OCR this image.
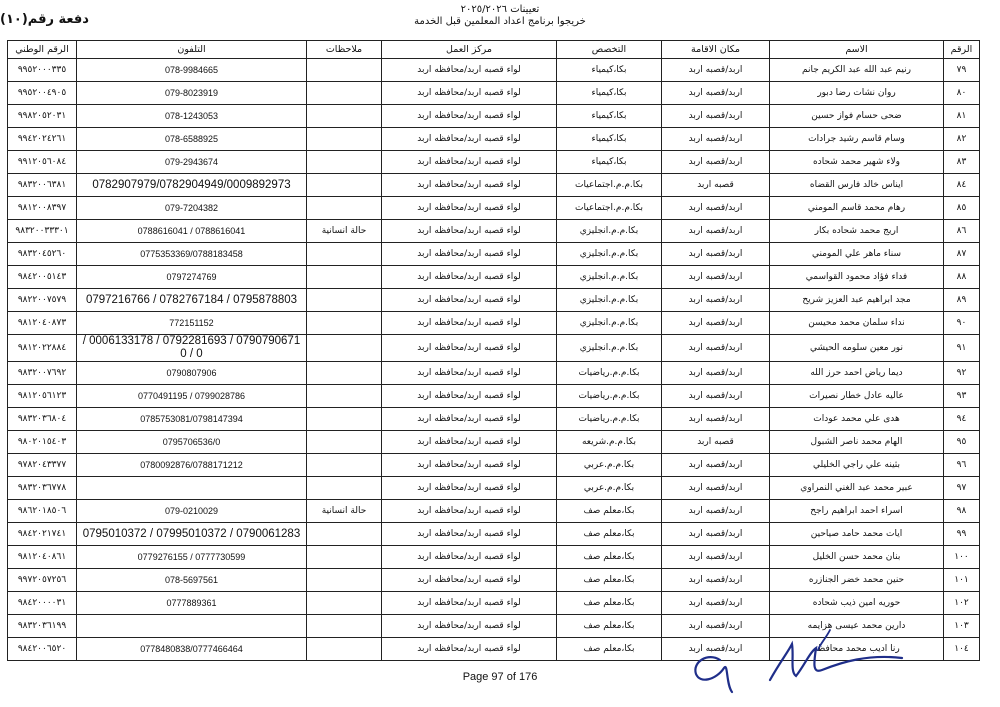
تعيينات ٢٠٢٥/٢٠٢٦
خريجوا برنامج اعداد المعلمين قبل الخدمة
دفعة رقم(١٠)
الرقم	الاسم	مكان الاقامة	التخصص	مركز العمل	ملاحظات	التلفون	الرقم الوطني
٧٩	رنيم عبد الله عبد الكريم جانم	اربد/قصبه اربد	بكا،كيمياء	لواء قصبه اربد/محافظه اربد		078-9984665	٩٩٥٢٠٠٠٣٣٥
٨٠	روان نشات رضا دبور	اربد/قصبه اربد	بكا،كيمياء	لواء قصبه اربد/محافظه اربد		079-8023919	٩٩٥٢٠٠٤٩٠٥
٨١	ضحى حسام فواز حسين	اربد/قصبه اربد	بكا،كيمياء	لواء قصبه اربد/محافظه اربد		078-1243053	٩٩٨٢٠٥٢٠٣١
٨٢	وسام قاسم رشيد جرادات	اربد/قصبه اربد	بكا،كيمياء	لواء قصبه اربد/محافظه اربد		078-6588925	٩٩٤٢٠٢٤٢٦١
٨٣	ولاء شهير محمد شحاده	اربد/قصبه اربد	بكا،كيمياء	لواء قصبه اربد/محافظه اربد		079-2943674	٩٩١٢٠٥٦٠٨٤
٨٤	ايناس خالد فارس القضاه	قصبه اربد	بكا.م.م.اجتماعيات	لواء قصبه اربد/محافظه اربد		0782907979/0782904949/0009892973	٩٨٣٢٠٠٦٣٨١
٨٥	رهام محمد قاسم المومني	اربد/قصبه اربد	بكا.م.م.اجتماعيات	لواء قصبه اربد/محافظه اربد		079-7204382	٩٨١٢٠٠٨٣٩٧
٨٦	اريج محمد شحاده بكار	اربد/قصبه اربد	بكا.م.م.انجليزي	لواء قصبه اربد/محافظه اربد	حالة انسانية	0788616041 / 0788616041	٩٨٣٢٠٠٣٣٣٠١
٨٧	سناء ماهر علي المومني	اربد/قصبه اربد	بكا.م.م.انجليزي	لواء قصبه اربد/محافظه اربد		0775353369/0788183458	٩٨٣٢٠٤٥٢٦٠
٨٨	فداء فؤاد محمود القواسمي	اربد/قصبه اربد	بكا.م.م.انجليزي	لواء قصبه اربد/محافظه اربد		0797274769	٩٨٤٢٠٠٥١٤٣
٨٩	مجد ابراهيم عبد العزيز شريح	اربد/قصبه اربد	بكا.م.م.انجليزي	لواء قصبه اربد/محافظه اربد		0795878803 / 0782767184 / 0797216766	٩٨٢٢٠٠٧٥٧٩
٩٠	نداء سلمان محمد محيسن	اربد/قصبه اربد	بكا.م.م.انجليزي	لواء قصبه اربد/محافظه اربد		772151152	٩٨١٢٠٤٠٨٧٣
٩١	نور معين سلومه الحيشي	اربد/قصبه اربد	بكا.م.م.انجليزي	لواء قصبه اربد/محافظه اربد		0790790671 / 0792281693 / 0006133178 / 0 / 0	٩٨١٢٠٢٢٨٨٤
٩٢	ديما رياض احمد حرز الله	اربد/قصبه اربد	بكا.م.م.رياضيات	لواء قصبه اربد/محافظه اربد		0790807906	٩٨٣٢٠٠٧٦٩٢
٩٣	عاليه عادل خطار نصيرات	اربد/قصبه اربد	بكا.م.م.رياضيات	لواء قصبه اربد/محافظه اربد		0799028786 / 0770491195	٩٨١٢٠٥٦١٢٣
٩٤	هدى علي محمد عودات	اربد/قصبه اربد	بكا.م.م.رياضيات	لواء قصبه اربد/محافظه اربد		0785753081/0798147394	٩٨٣٢٠٣٦٨٠٤
٩٥	الهام محمد ناصر الشبول	قصبه اربد	بكا.م.م.شريعه	لواء قصبه اربد/محافظه اربد		0795706536/0	٩٨٠٢٠١٥٤٠٣
٩٦	بثينه علي راجي الخليلي	اربد/قصبه اربد	بكا.م.م.عربي	لواء قصبه اربد/محافظه اربد		0780092876/0788171212	٩٧٨٢٠٤٣٣٧٧
٩٧	عبير محمد عبد الغني النمراوي	اربد/قصبه اربد	بكا.م.م.عربي	لواء قصبه اربد/محافظه اربد			٩٨٣٢٠٣٦٧٧٨
٩٨	اسراء احمد ابراهيم راجح	اربد/قصبه اربد	بكا،معلم صف	لواء قصبه اربد/محافظه اربد	حالة انسانية	079-0210029	٩٨٦٢٠١٨٥٠٦
٩٩	ايات محمد حامد صياحين	اربد/قصبه اربد	بكا،معلم صف	لواء قصبه اربد/محافظه اربد		0790061283 / 07995010372 / 0795010372	٩٨٤٢٠٢١٧٤١
١٠٠	بنان محمد حسن الخليل	اربد/قصبه اربد	بكا،معلم صف	لواء قصبه اربد/محافظه اربد		0777730599 / 0779276155	٩٨١٢٠٤٠٨٦١
١٠١	حنين محمد خضر الجنازره	اربد/قصبه اربد	بكا،معلم صف	لواء قصبه اربد/محافظه اربد		078-5697561	٩٩٧٢٠٥٧٢٥٦
١٠٢	حوريه امين ذيب شحاده	اربد/قصبه اربد	بكا،معلم صف	لواء قصبه اربد/محافظه اربد		0777889361	٩٨٤٢٠٠٠٠٣١
١٠٣	دارين محمد عيسى هزايمه	اربد/قصبه اربد	بكا،معلم صف	لواء قصبه اربد/محافظه اربد			٩٨٣٢٠٣٦١٩٩
١٠٤	رنا اديب محمد محافظه	اربد/قصبه اربد	بكا،معلم صف	لواء قصبه اربد/محافظه اربد		0778480838/0777466464	٩٨٤٢٠٠٦٥٢٠
Page 97 of 176
